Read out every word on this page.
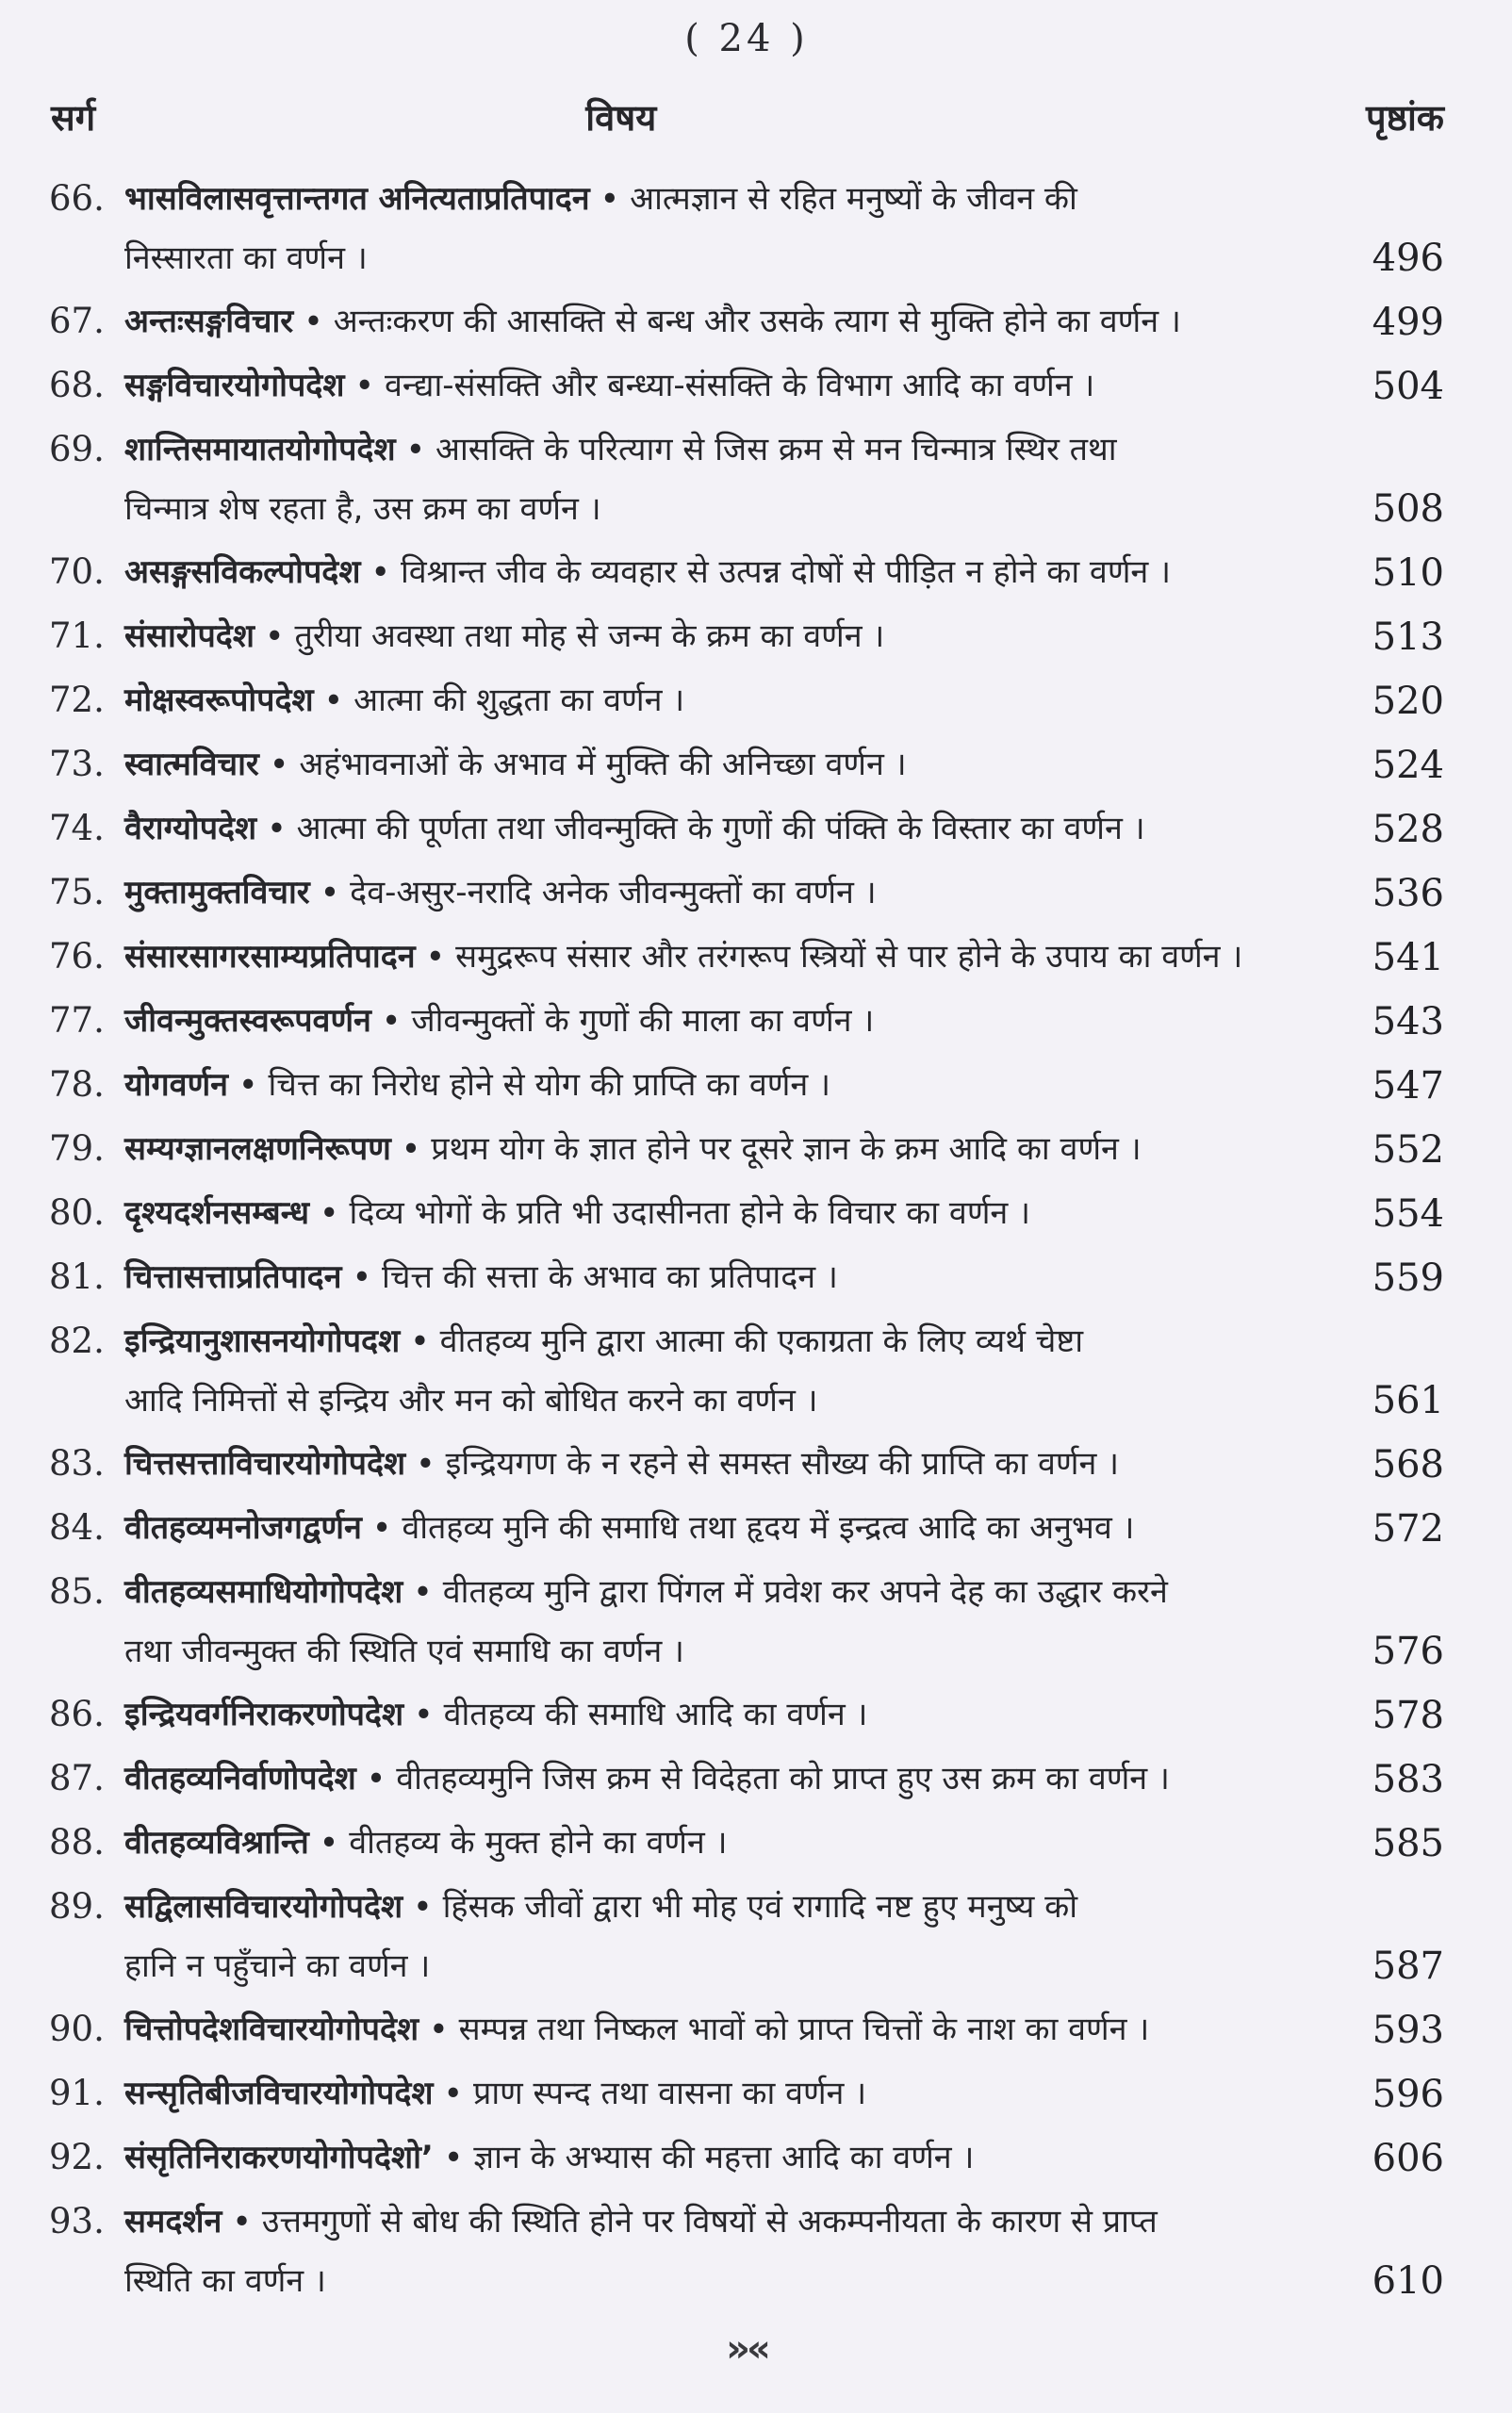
( 24 )
सर्ग	विषय	पृष्ठांक
66. भासविलासवृत्तान्तगत अनित्यताप्रतिपादन • आत्मज्ञान से रहित मनुष्यों के जीवन की
निस्सारता का वर्णन ।	496
67. अन्तःसङ्गविचार • अन्तःकरण की आसक्ति से बन्ध और उसके त्याग से मुक्ति होने का वर्णन ।	499
68. सङ्गविचारयोगोपदेश • वन्द्या-संसक्ति और बन्ध्या-संसक्ति के विभाग आदि का वर्णन ।	504
69. शान्तिसमायातयोगोपदेश • आसक्ति के परित्याग से जिस क्रम से मन चिन्मात्र स्थिर तथा
चिन्मात्र शेष रहता है, उस क्रम का वर्णन ।	508
70. असङ्गसविकल्पोपदेश • विश्रान्त जीव के व्यवहार से उत्पन्न दोषों से पीड़ित न होने का वर्णन ।	510
71. संसारोपदेश • तुरीया अवस्था तथा मोह से जन्म के क्रम का वर्णन ।	513
72. मोक्षस्वरूपोपदेश • आत्मा की शुद्धता का वर्णन ।	520
73. स्वात्मविचार • अहंभावनाओं के अभाव में मुक्ति की अनिच्छा वर्णन ।	524
74. वैराग्योपदेश • आत्मा की पूर्णता तथा जीवन्मुक्ति के गुणों की पंक्ति के विस्तार का वर्णन ।	528
75. मुक्तामुक्तविचार • देव-असुर-नरादि अनेक जीवन्मुक्तों का वर्णन ।	536
76. संसारसागरसाम्यप्रतिपादन • समुद्ररूप संसार और तरंगरूप स्त्रियों से पार होने के उपाय का वर्णन ।	541
77. जीवन्मुक्तस्वरूपवर्णन • जीवन्मुक्तों के गुणों की माला का वर्णन ।	543
78. योगवर्णन • चित्त का निरोध होने से योग की प्राप्ति का वर्णन ।	547
79. सम्यग्ज्ञानलक्षणनिरूपण • प्रथम योग के ज्ञात होने पर दूसरे ज्ञान के क्रम आदि का वर्णन ।	552
80. दृश्यदर्शनसम्बन्ध • दिव्य भोगों के प्रति भी उदासीनता होने के विचार का वर्णन ।	554
81. चित्तासत्ताप्रतिपादन • चित्त की सत्ता के अभाव का प्रतिपादन ।	559
82. इन्द्रियानुशासनयोगोपदश • वीतहव्य मुनि द्वारा आत्मा की एकाग्रता के लिए व्यर्थ चेष्टा
आदि निमित्तों से इन्द्रिय और मन को बोधित करने का वर्णन ।	561
83. चित्तसत्ताविचारयोगोपदेश • इन्द्रियगण के न रहने से समस्त सौख्य की प्राप्ति का वर्णन ।	568
84. वीतहव्यमनोजगद्वर्णन • वीतहव्य मुनि की समाधि तथा हृदय में इन्द्रत्व आदि का अनुभव ।	572
85. वीतहव्यसमाधियोगोपदेश • वीतहव्य मुनि द्वारा पिंगल में प्रवेश कर अपने देह का उद्धार करने
तथा जीवन्मुक्त की स्थिति एवं समाधि का वर्णन ।	576
86. इन्द्रियवर्गनिराकरणोपदेश • वीतहव्य की समाधि आदि का वर्णन ।	578
87. वीतहव्यनिर्वाणोपदेश • वीतहव्यमुनि जिस क्रम से विदेहता को प्राप्त हुए उस क्रम का वर्णन ।	583
88. वीतहव्यविश्रान्ति • वीतहव्य के मुक्त होने का वर्णन ।	585
89. सद्विलासविचारयोगोपदेश • हिंसक जीवों द्वारा भी मोह एवं रागादि नष्ट हुए मनुष्य को
हानि न पहुँचाने का वर्णन ।	587
90. चित्तोपदेशविचारयोगोपदेश • सम्पन्न तथा निष्कल भावों को प्राप्त चित्तों के नाश का वर्णन ।	593
91. सन्सृतिबीजविचारयोगोपदेश • प्राण स्पन्द तथा वासना का वर्णन ।	596
92. संसृतिनिराकरणयोगोपदेशो’ • ज्ञान के अभ्यास की महत्ता आदि का वर्णन ।	606
93. समदर्शन • उत्तमगुणों से बोध की स्थिति होने पर विषयों से अकम्पनीयता के कारण से प्राप्त
स्थिति का वर्णन ।	610
»«
